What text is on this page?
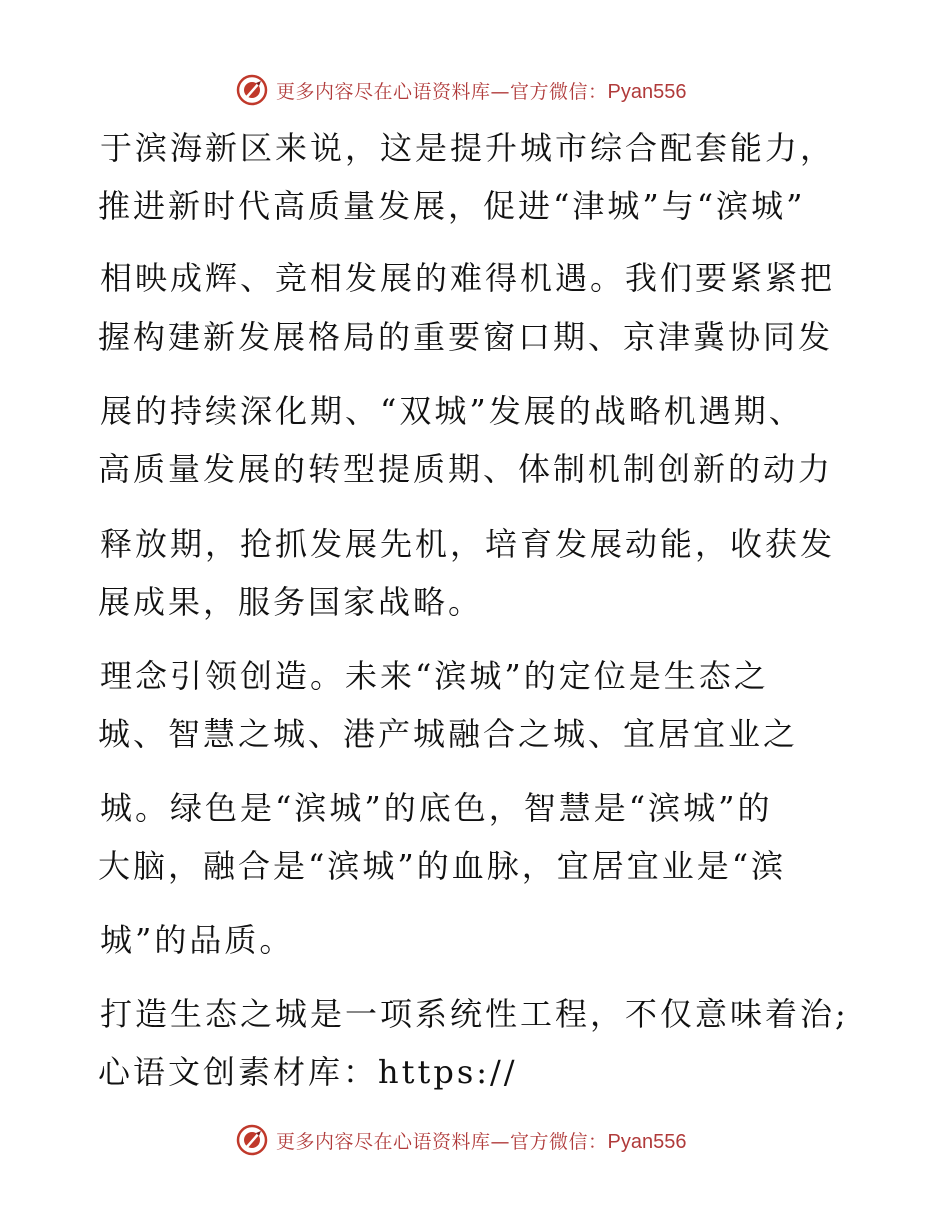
更多内容尽在心语资料库—官方微信：Pyan556
于滨海新区来说，这是提升城市综合配套能力，
推进新时代高质量发展，促进“津城”与“滨城”
相映成辉、竞相发展的难得机遇。我们要紧紧把
握构建新发展格局的重要窗口期、京津冀协同发
展的持续深化期、“双城”发展的战略机遇期、
高质量发展的转型提质期、体制机制创新的动力
释放期，抢抓发展先机，培育发展动能，收获发
展成果，服务国家战略。
理念引领创造。未来“滨城”的定位是生态之
城、智慧之城、港产城融合之城、宜居宜业之
城。绿色是“滨城”的底色，智慧是“滨城”的
大脑，融合是“滨城”的血脉，宜居宜业是“滨
城”的品质。
打造生态之城是一项系统性工程，不仅意味着治;
心语文创素材库：https://
更多内容尽在心语资料库—官方微信：Pyan556
